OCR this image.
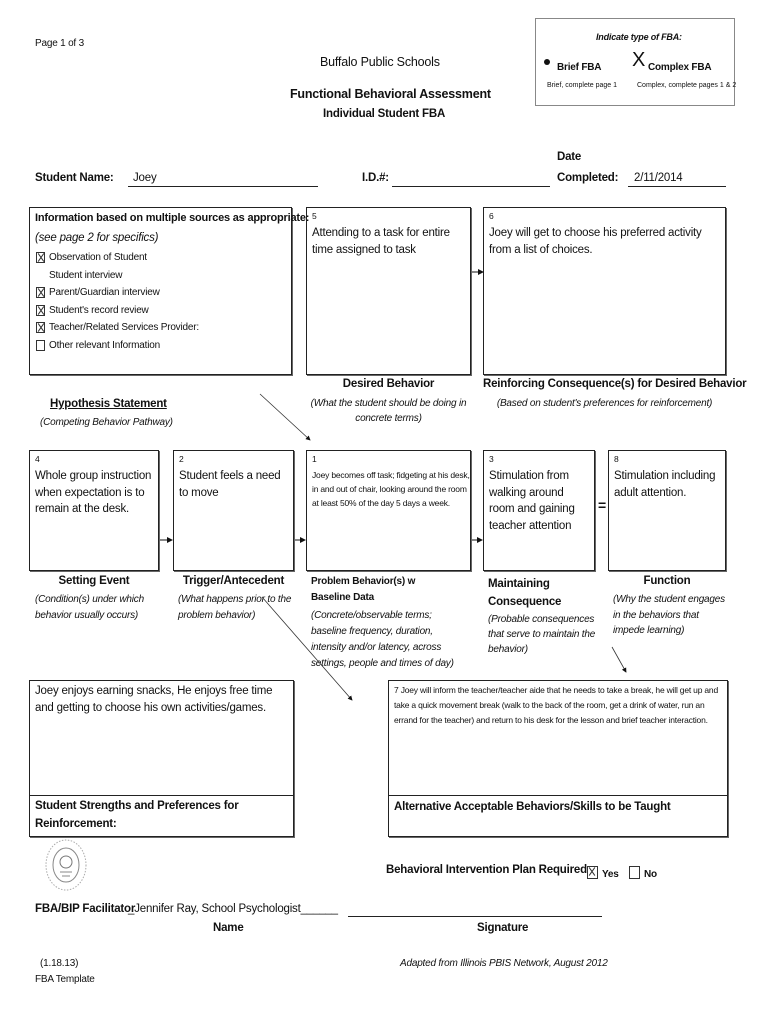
Page 1 of 3
Buffalo Public Schools
Functional Behavioral Assessment
Individual Student FBA
Indicate type of FBA:
Brief FBA
Brief, complete page 1
X Complex FBA
Complex, complete pages 1 & 2
Student Name: Joey	I.D.#:
Date
Completed: 2/11/2014
Information based on multiple sources as appropriate:
(see page 2 for specifics)
Observation of Student
Student interview
Parent/Guardian interview
Student's record review
Teacher/Related Services Provider:
Other relevant Information
5
Attending to a task for entire time assigned to task
Desired Behavior
(What the student should be doing in concrete terms)
6
Joey will get to choose his preferred activity from a list of choices.
Reinforcing Consequence(s) for Desired Behavior
(Based on student's preferences for reinforcement)
Hypothesis Statement
(Competing Behavior Pathway)
4
Whole group instruction when expectation is to remain at the desk.
Setting Event
(Condition(s) under which behavior usually occurs)
2
Student feels a need to move
Trigger/Antecedent
(What happens prior to the problem behavior)
1
Joey becomes off task; fidgeting at his desk, in and out of chair, looking around the room at least 50% of the day 5 days a week.
Problem Behavior(s) w Baseline Data
(Concrete/observable terms; baseline frequency, duration, intensity and/or latency, across settings, people and times of day)
3
Stimulation from walking around room and gaining teacher attention
Maintaining Consequence
(Probable consequences that serve to maintain the behavior)
=
8
Stimulation including adult attention.
Function
(Why the student engages in the behaviors that impede learning)
Joey enjoys earning snacks, He enjoys free time and getting to choose his own activities/games.
Student Strengths and Preferences for Reinforcement:
7 Joey will inform the teacher/teacher aide that he needs to take a break, he will get up and take a quick movement break (walk to the back of the room, get a drink of water, run an errand for the teacher) and return to his desk for the lesson and brief teacher interaction.
Alternative Acceptable Behaviors/Skills to be Taught
Behavioral Intervention Plan Required	Yes	No
FBA/BIP Facilitator
_Jennifer Ray, School Psychologist______
Name	Signature
(1.18.13)
FBA Template
Adapted from Illinois PBIS Network, August 2012
